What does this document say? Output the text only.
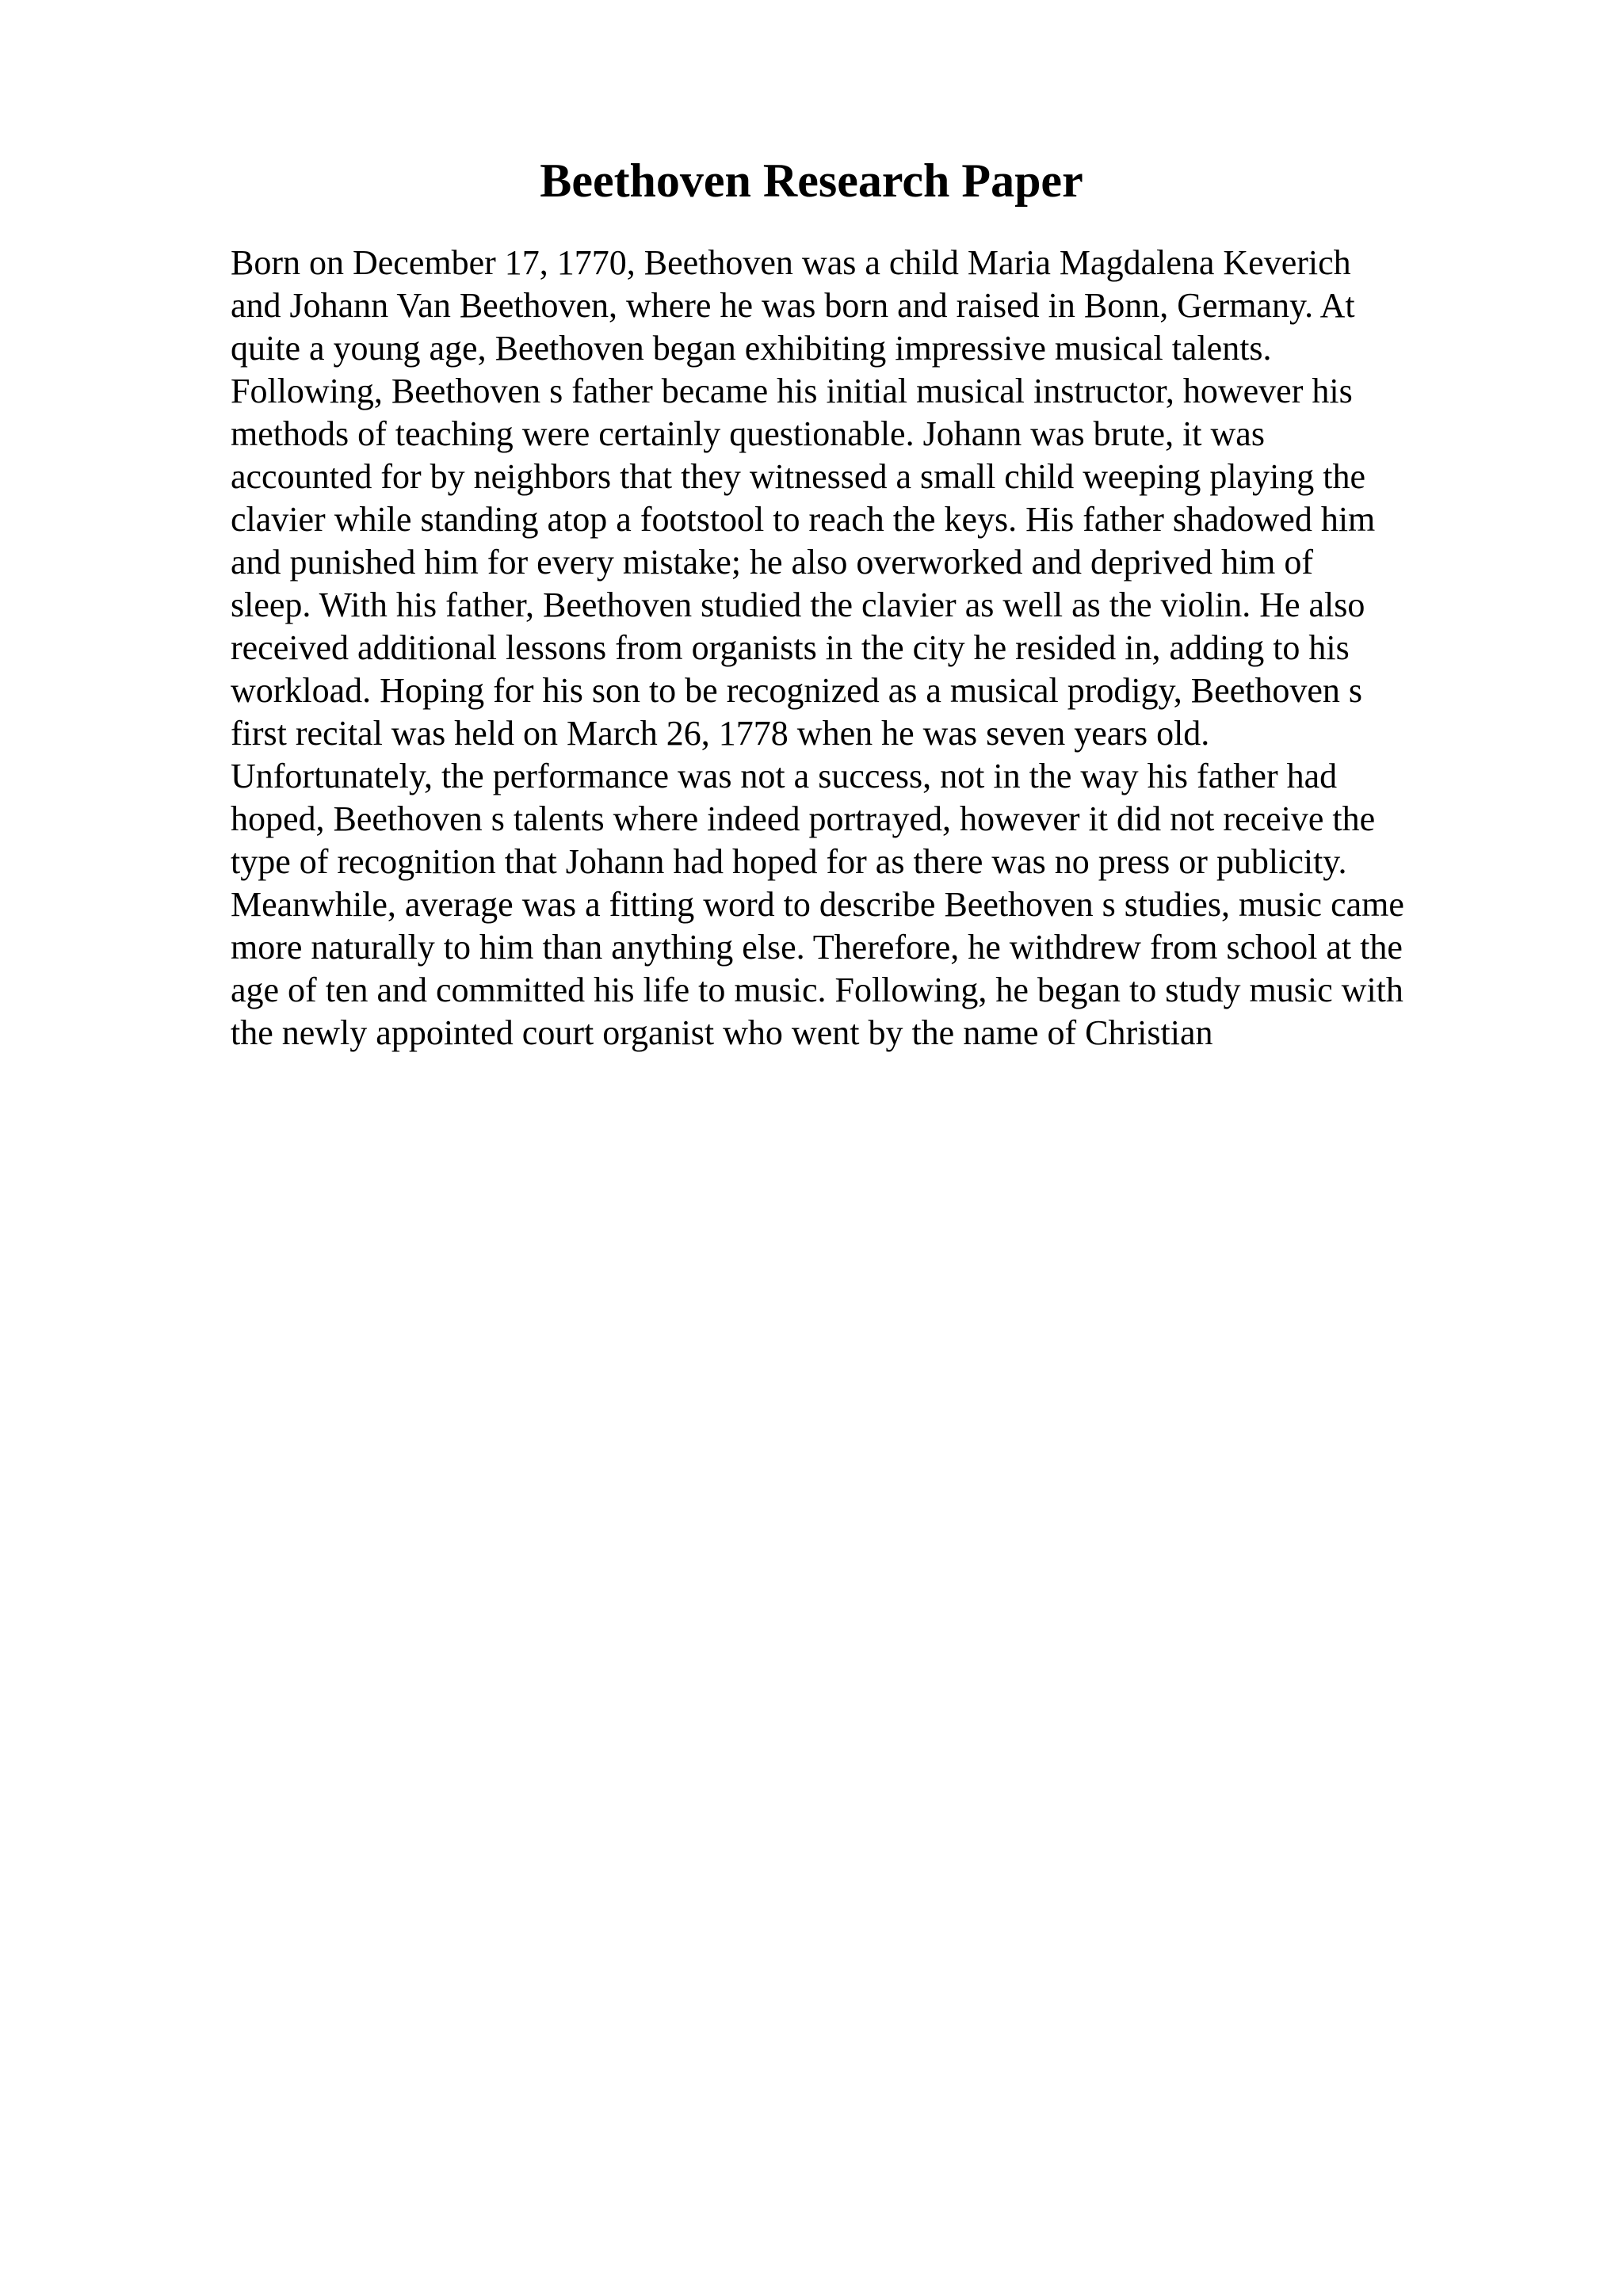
Beethoven Research Paper
Born on December 17, 1770, Beethoven was a child Maria Magdalena Keverich
and Johann Van Beethoven, where he was born and raised in Bonn, Germany. At
quite a young age, Beethoven began exhibiting impressive musical talents.
Following, Beethoven s father became his initial musical instructor, however his
methods of teaching were certainly questionable. Johann was brute, it was
accounted for by neighbors that they witnessed a small child weeping playing the
clavier while standing atop a footstool to reach the keys. His father shadowed him
and punished him for every mistake; he also overworked and deprived him of
sleep. With his father, Beethoven studied the clavier as well as the violin. He also
received additional lessons from organists in the city he resided in, adding to his
workload. Hoping for his son to be recognized as a musical prodigy, Beethoven s
first recital was held on March 26, 1778 when he was seven years old.
Unfortunately, the performance was not a success, not in the way his father had
hoped, Beethoven s talents where indeed portrayed, however it did not receive the
type of recognition that Johann had hoped for as there was no press or publicity.
Meanwhile, average was a fitting word to describe Beethoven s studies, music came
more naturally to him than anything else. Therefore, he withdrew from school at the
age of ten and committed his life to music. Following, he began to study music with
the newly appointed court organist who went by the name of Christian
